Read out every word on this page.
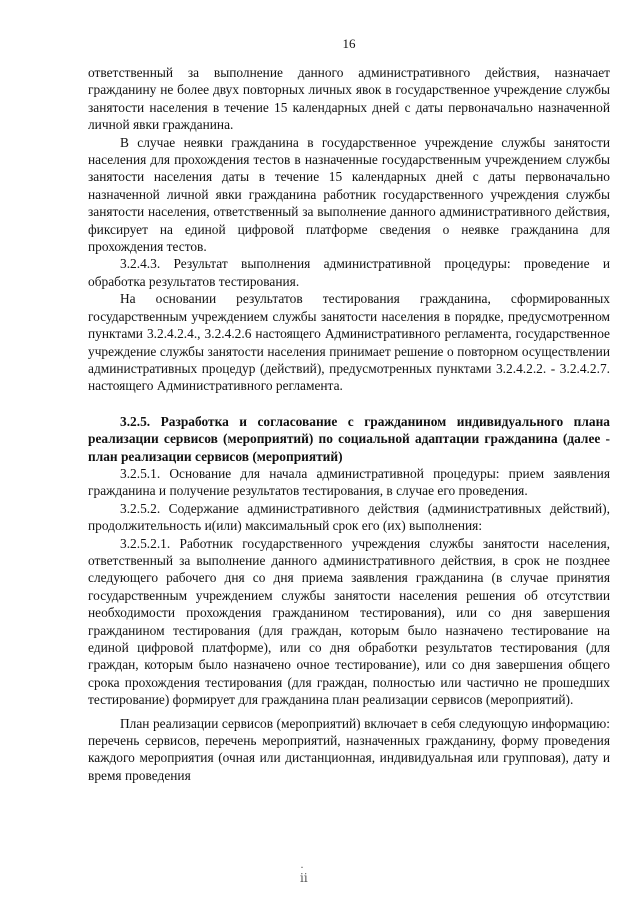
16

ответственный за выполнение данного административного действия, назначает гражданину не более двух повторных личных явок в государственное учреждение службы занятости населения в течение 15 календарных дней с даты первоначально назначенной личной явки гражданина.

В случае неявки гражданина в государственное учреждение службы занятости населения для прохождения тестов в назначенные государственным учреждением службы занятости населения даты в течение 15 календарных дней с даты первоначально назначенной личной явки гражданина работник государственного учреждения службы занятости населения, ответственный за выполнение данного административного действия, фиксирует на единой цифровой платформе сведения о неявке гражданина для прохождения тестов.

3.2.4.3. Результат выполнения административной процедуры: проведение и обработка результатов тестирования.

На основании результатов тестирования гражданина, сформированных государственным учреждением службы занятости населения в порядке, предусмотренном пунктами 3.2.4.2.4., 3.2.4.2.6 настоящего Административного регламента, государственное учреждение службы занятости населения принимает решение о повторном осуществлении административных процедур (действий), предусмотренных пунктами 3.2.4.2.2. - 3.2.4.2.7. настоящего Административного регламента.

3.2.5. Разработка и согласование с гражданином индивидуального плана реализации сервисов (мероприятий) по социальной адаптации гражданина (далее - план реализации сервисов (мероприятий)

3.2.5.1. Основание для начала административной процедуры: прием заявления гражданина и получение результатов тестирования, в случае его проведения.

3.2.5.2. Содержание административного действия (административных действий), продолжительность и(или) максимальный срок его (их) выполнения:

3.2.5.2.1. Работник государственного учреждения службы занятости населения, ответственный за выполнение данного административного действия, в срок не позднее следующего рабочего дня со дня приема заявления гражданина (в случае принятия государственным учреждением службы занятости населения решения об отсутствии необходимости прохождения гражданином тестирования), или со дня завершения гражданином тестирования (для граждан, которым было назначено тестирование на единой цифровой платформе), или со дня обработки результатов тестирования (для граждан, которым было назначено очное тестирование), или со дня завершения общего срока прохождения тестирования (для граждан, полностью или частично не прошедших тестирование) формирует для гражданина план реализации сервисов (мероприятий).

План реализации сервисов (мероприятий) включает в себя следующую информацию: перечень сервисов, перечень мероприятий, назначенных гражданину, форму проведения каждого мероприятия (очная или дистанционная, индивидуальная или групповая), дату и время проведения

·
ⅱ
